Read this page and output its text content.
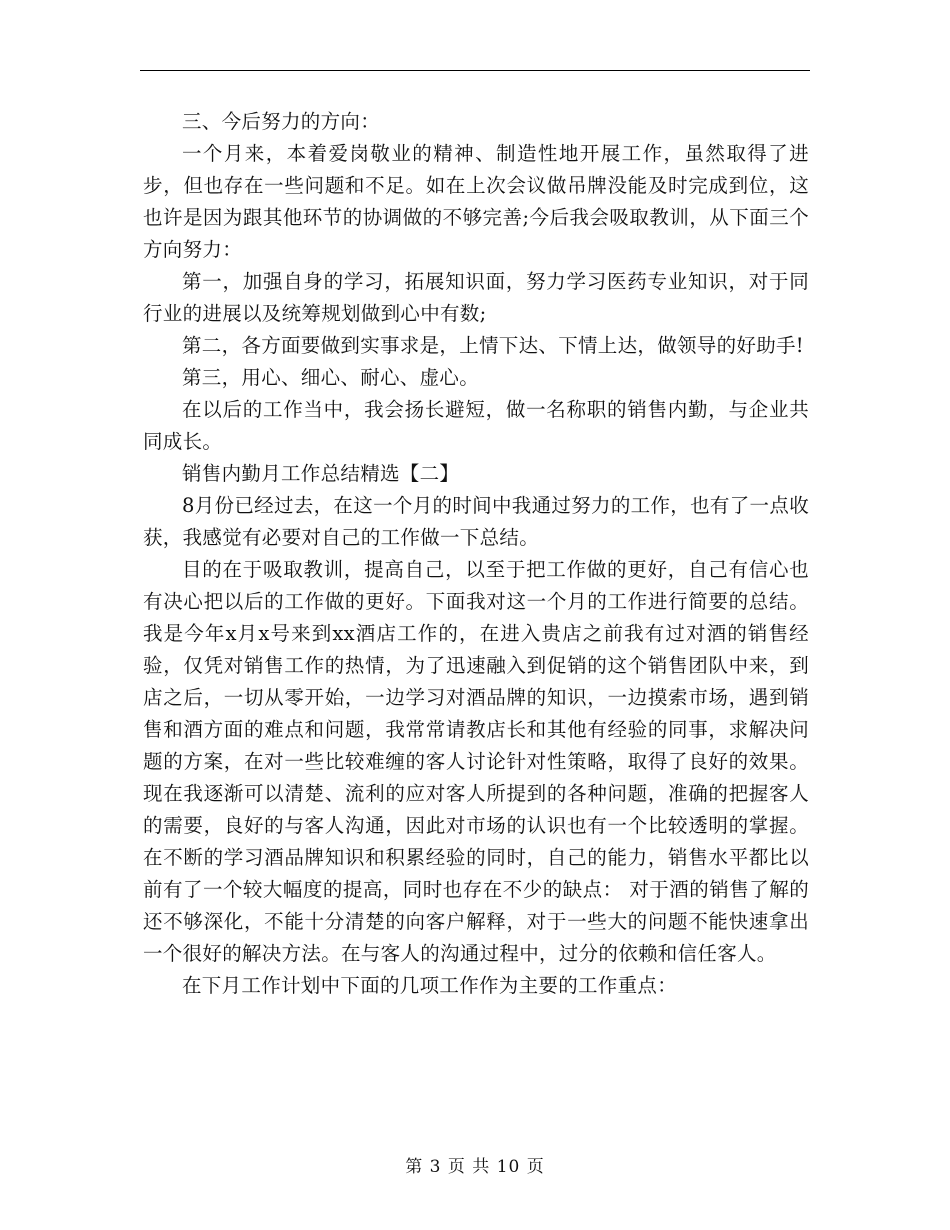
三、今后努力的方向：

一个月来，本着爱岗敬业的精神、制造性地开展工作，虽然取得了进步，但也存在一些问题和不足。如在上次会议做吊牌没能及时完成到位，这也许是因为跟其他环节的协调做的不够完善;今后我会吸取教训，从下面三个方向努力：

第一，加强自身的学习，拓展知识面，努力学习医药专业知识，对于同行业的进展以及统筹规划做到心中有数;

第二，各方面要做到实事求是，上情下达、下情上达，做领导的好助手!

第三，用心、细心、耐心、虚心。

在以后的工作当中，我会扬长避短，做一名称职的销售内勤，与企业共同成长。

销售内勤月工作总结精选【二】

8月份已经过去，在这一个月的时间中我通过努力的工作，也有了一点收获，我感觉有必要对自己的工作做一下总结。

目的在于吸取教训，提高自己，以至于把工作做的更好，自己有信心也有决心把以后的工作做的更好。下面我对这一个月的工作进行简要的总结。我是今年x月x号来到xx酒店工作的，在进入贵店之前我有过对酒的销售经验，仅凭对销售工作的热情，为了迅速融入到促销的这个销售团队中来，到店之后，一切从零开始，一边学习对酒品牌的知识，一边摸索市场，遇到销售和酒方面的难点和问题，我常常请教店长和其他有经验的同事，求解决问题的方案，在对一些比较难缠的客人讨论针对性策略，取得了良好的效果。现在我逐渐可以清楚、流利的应对客人所提到的各种问题，准确的把握客人的需要，良好的与客人沟通，因此对市场的认识也有一个比较透明的掌握。在不断的学习酒品牌知识和积累经验的同时，自己的能力，销售水平都比以前有了一个较大幅度的提高，同时也存在不少的缺点： 对于酒的销售了解的还不够深化，不能十分清楚的向客户解释，对于一些大的问题不能快速拿出一个很好的解决方法。在与客人的沟通过程中，过分的依赖和信任客人。

在下月工作计划中下面的几项工作作为主要的工作重点：

第 3 页 共 10 页
